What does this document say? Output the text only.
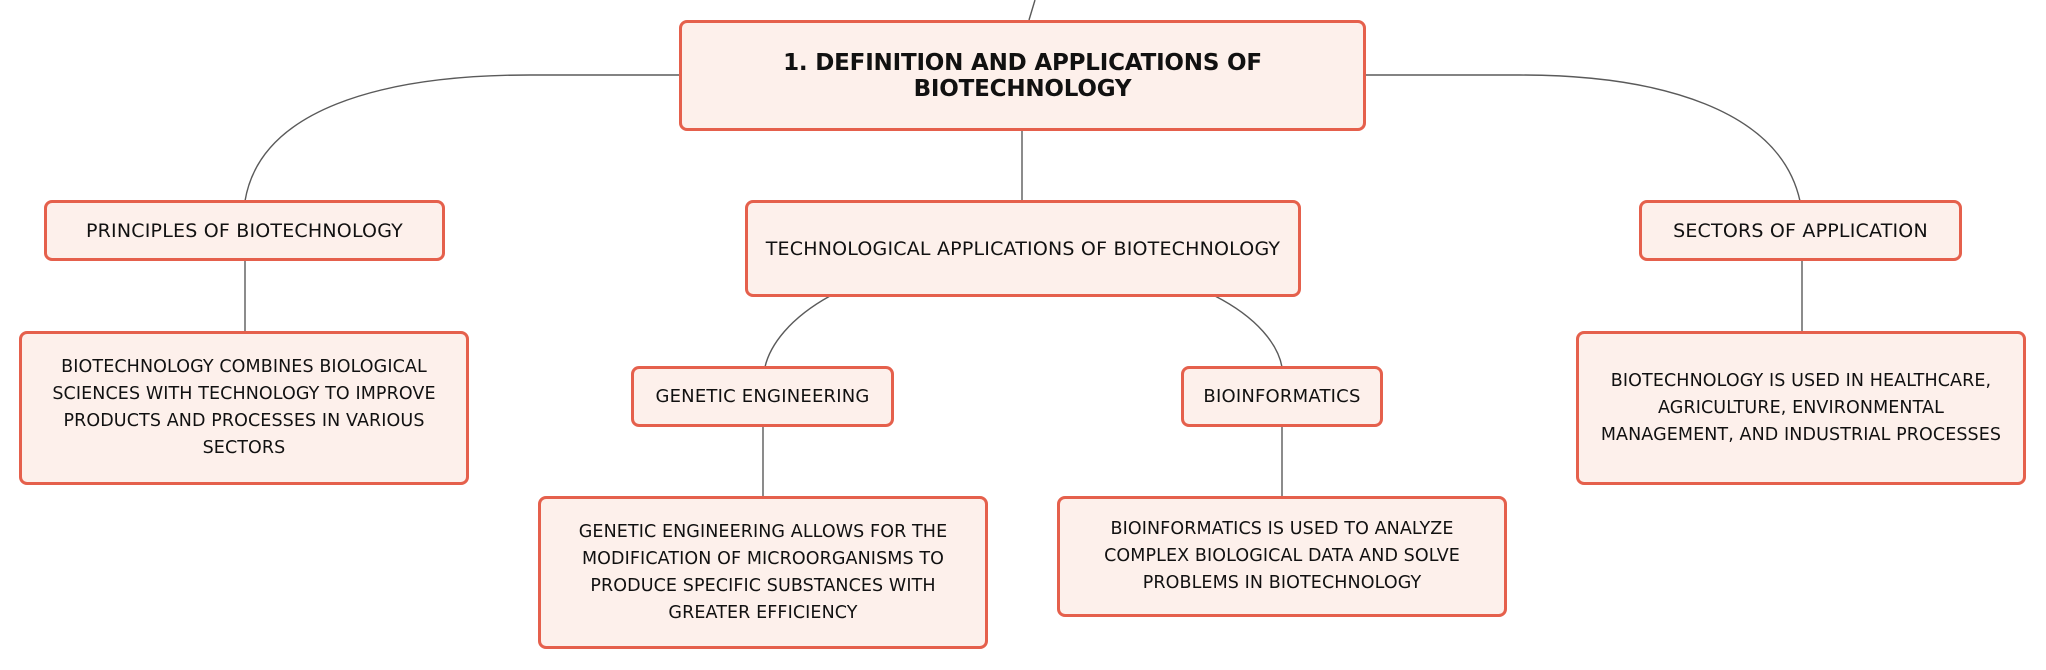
1. DEFINITION AND APPLICATIONS OF BIOTECHNOLOGY
PRINCIPLES OF BIOTECHNOLOGY
TECHNOLOGICAL APPLICATIONS OF BIOTECHNOLOGY
SECTORS OF APPLICATION
BIOTECHNOLOGY COMBINES BIOLOGICAL SCIENCES WITH TECHNOLOGY TO IMPROVE PRODUCTS AND PROCESSES IN VARIOUS SECTORS
GENETIC ENGINEERING	BIOINFORMATICS
BIOTECHNOLOGY IS USED IN HEALTHCARE, AGRICULTURE, ENVIRONMENTAL MANAGEMENT, AND INDUSTRIAL PROCESSES
GENETIC ENGINEERING ALLOWS FOR THE MODIFICATION OF MICROORGANISMS TO PRODUCE SPECIFIC SUBSTANCES WITH GREATER EFFICIENCY
BIOINFORMATICS IS USED TO ANALYZE COMPLEX BIOLOGICAL DATA AND SOLVE PROBLEMS IN BIOTECHNOLOGY
